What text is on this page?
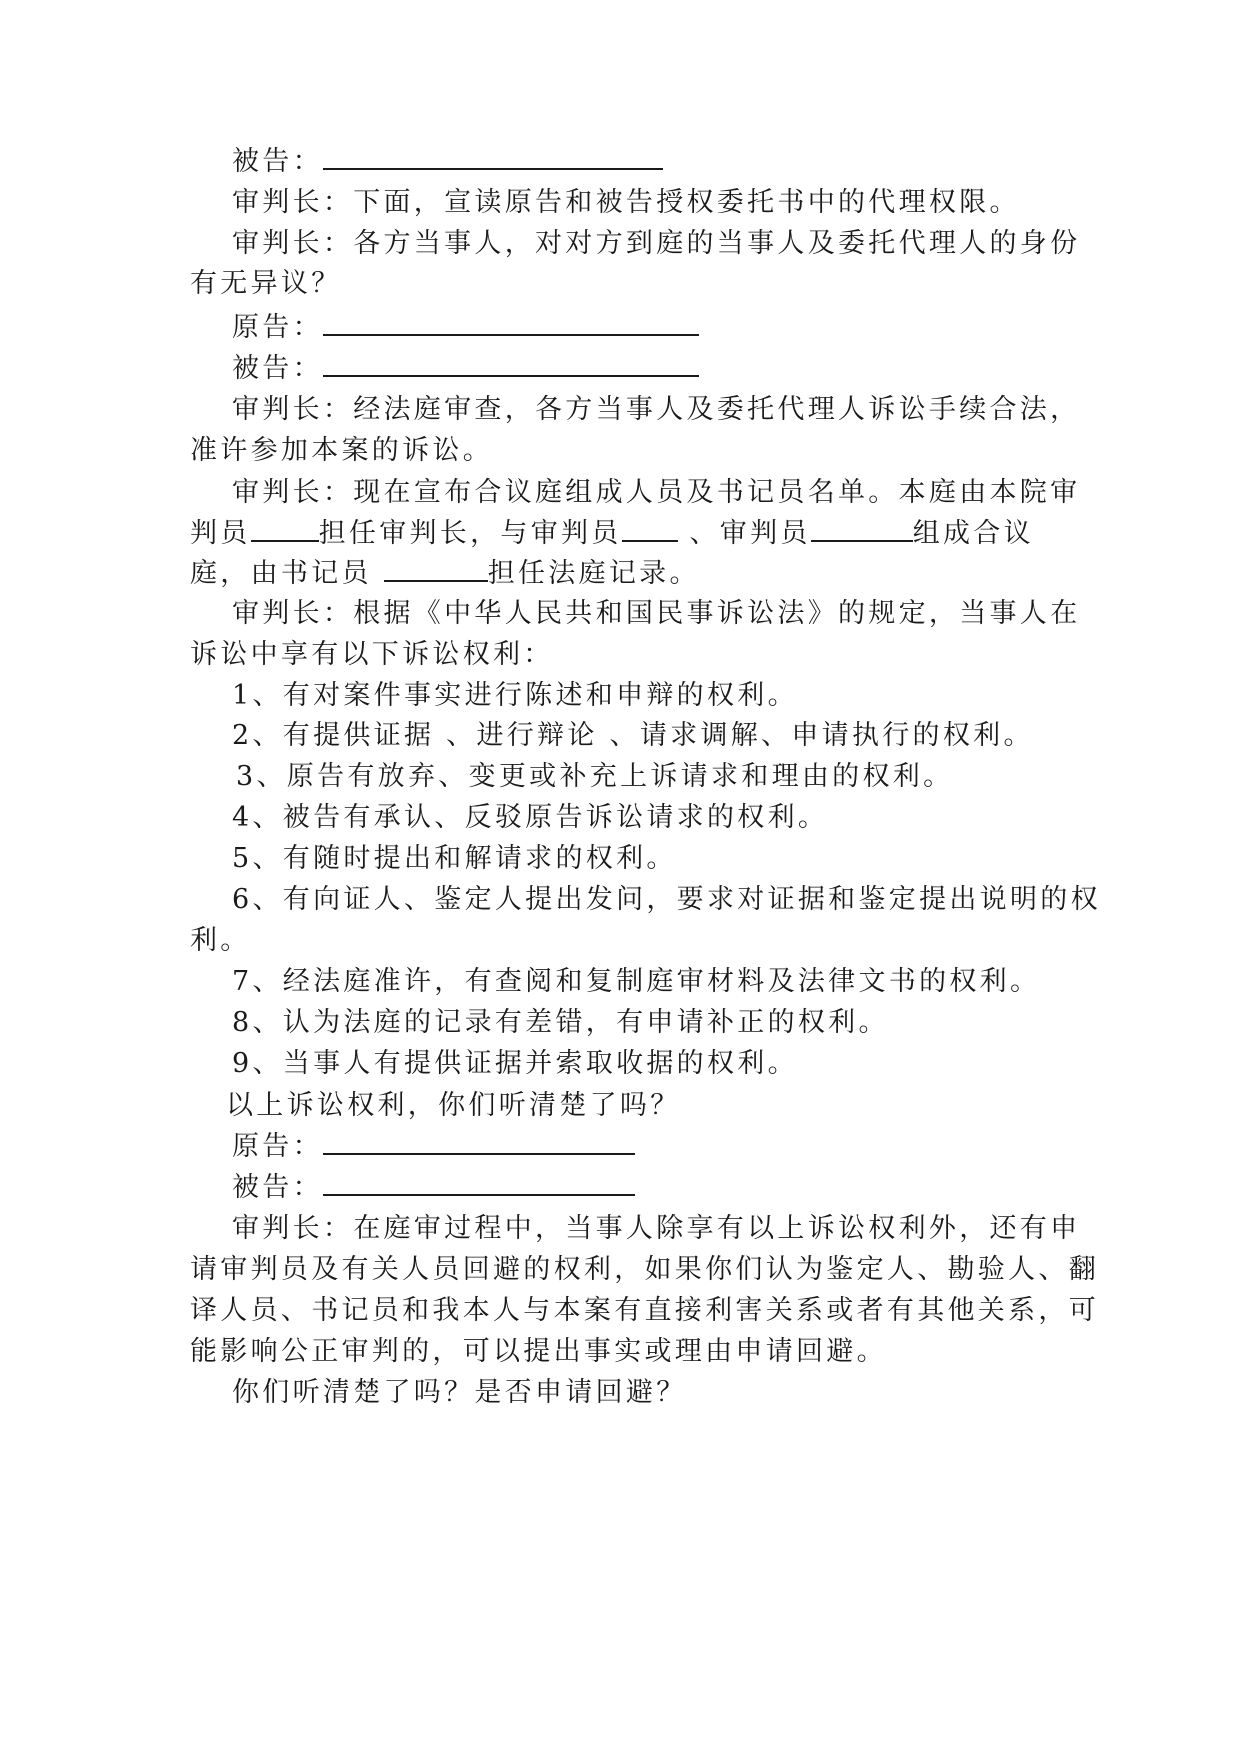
被告：
审判长：下面，宣读原告和被告授权委托书中的代理权限。
审判长：各方当事人，对对方到庭的当事人及委托代理人的身份
有无异议？
原告：
被告：
审判长：经法庭审查，各方当事人及委托代理人诉讼手续合法，
准许参加本案的诉讼。
审判长：现在宣布合议庭组成人员及书记员名单。本庭由本院审
判员	担任审判长，与审判员 、审判员	组成合议
庭，由书记员	担任法庭记录。
审判长：根据《中华人民共和国民事诉讼法》的规定，当事人在
诉讼中享有以下诉讼权利：
1、有对案件事实进行陈述和申辩的权利。
2、有提供证据 、进行辩论 、请求调解、申请执行的权利。
3、原告有放弃、变更或补充上诉请求和理由的权利。
4、被告有承认、反驳原告诉讼请求的权利。
5、有随时提出和解请求的权利。
6、有向证人、鉴定人提出发问，要求对证据和鉴定提出说明的权
利。
7、经法庭准许，有查阅和复制庭审材料及法律文书的权利。
8、认为法庭的记录有差错，有申请补正的权利。
9、当事人有提供证据并索取收据的权利。
以上诉讼权利，你们听清楚了吗？
原告：
被告：
审判长：在庭审过程中，当事人除享有以上诉讼权利外，还有申
请审判员及有关人员回避的权利，如果你们认为鉴定人、勘验人、翻
译人员、书记员和我本人与本案有直接利害关系或者有其他关系，可
能影响公正审判的，可以提出事实或理由申请回避。
你们听清楚了吗？是否申请回避？
